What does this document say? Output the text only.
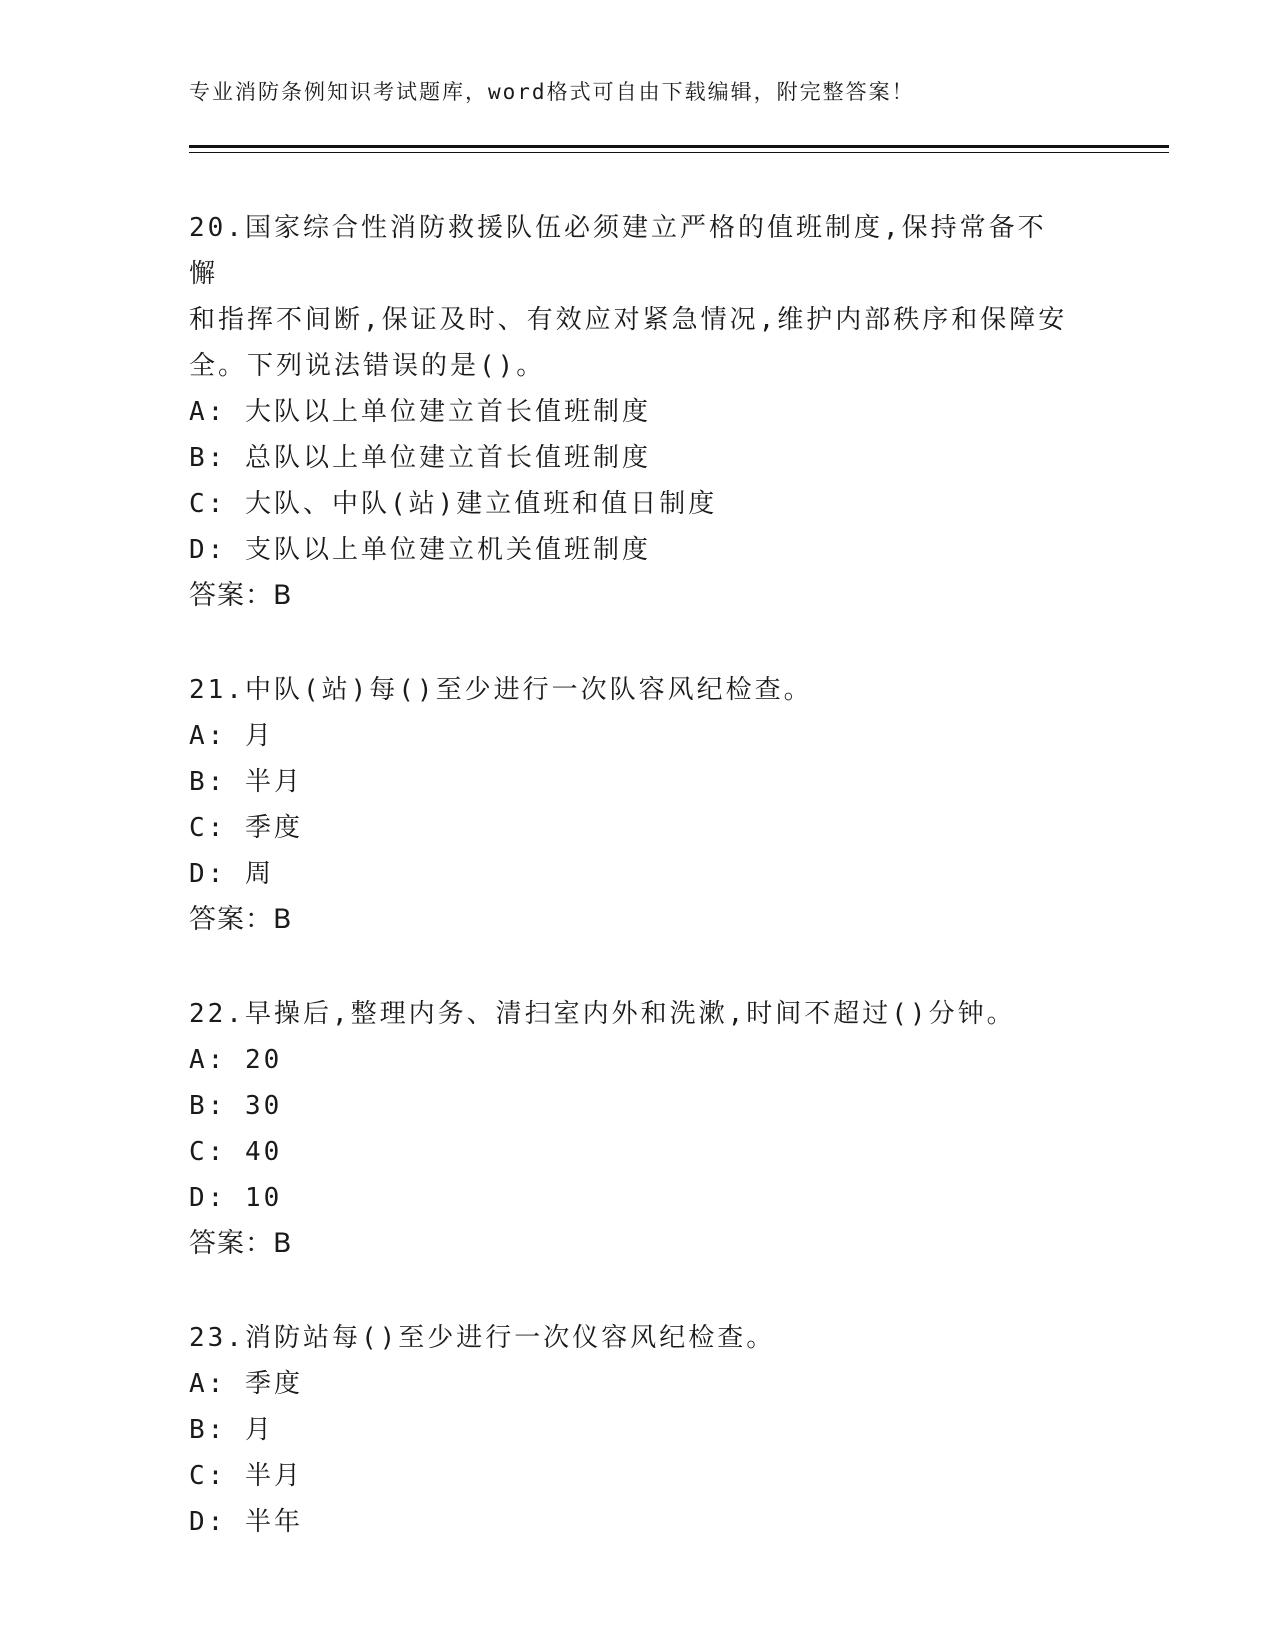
专业消防条例知识考试题库，word格式可自由下载编辑，附完整答案！
20.国家综合性消防救援队伍必须建立严格的值班制度,保持常备不 懈
和指挥不间断,保证及时、有效应对紧急情况,维护内部秩序和保障安
全。下列说法错误的是()。
A: 大队以上单位建立首长值班制度
B: 总队以上单位建立首长值班制度
C: 大队、中队(站)建立值班和值日制度
D: 支队以上单位建立机关值班制度
答案：B
21.中队(站)每()至少进行一次队容风纪检查。
A: 月
B: 半月
C: 季度
D: 周
答案：B
22.早操后,整理内务、清扫室内外和洗漱,时间不超过()分钟。
A: 20
B: 30
C: 40
D: 10
答案：B
23.消防站每()至少进行一次仪容风纪检查。
A: 季度
B: 月
C: 半月
D: 半年
